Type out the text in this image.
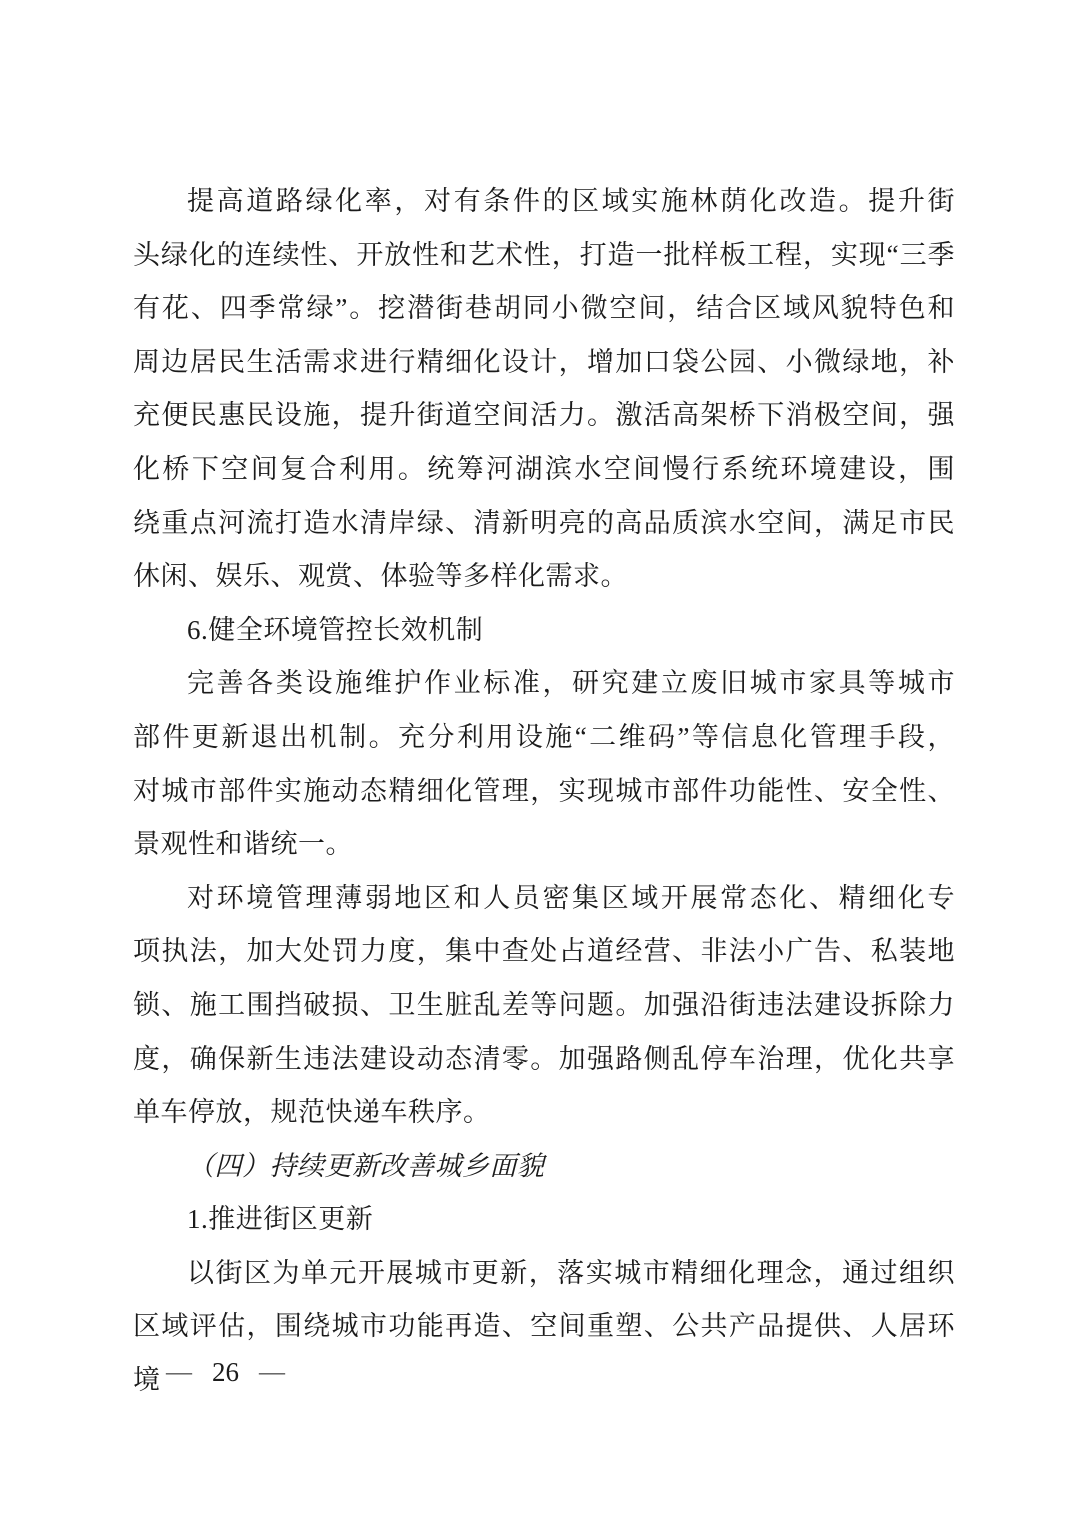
提高道路绿化率，对有条件的区域实施林荫化改造。提升街
头绿化的连续性、开放性和艺术性，打造一批样板工程，实现“三季
有花、四季常绿”。挖潜街巷胡同小微空间，结合区域风貌特色和
周边居民生活需求进行精细化设计，增加口袋公园、小微绿地，补
充便民惠民设施，提升街道空间活力。激活高架桥下消极空间，强
化桥下空间复合利用。统筹河湖滨水空间慢行系统环境建设，围
绕重点河流打造水清岸绿、清新明亮的高品质滨水空间，满足市民
休闲、娱乐、观赏、体验等多样化需求。
6.健全环境管控长效机制
完善各类设施维护作业标准，研究建立废旧城市家具等城市
部件更新退出机制。充分利用设施“二维码”等信息化管理手段，
对城市部件实施动态精细化管理，实现城市部件功能性、安全性、
景观性和谐统一。
对环境管理薄弱地区和人员密集区域开展常态化、精细化专
项执法，加大处罚力度，集中查处占道经营、非法小广告、私装地
锁、施工围挡破损、卫生脏乱差等问题。加强沿街违法建设拆除力
度，确保新生违法建设动态清零。加强路侧乱停车治理，优化共享
单车停放，规范快递车秩序。
（四）持续更新改善城乡面貌
1.推进街区更新
以街区为单元开展城市更新，落实城市精细化理念，通过组织
区域评估，围绕城市功能再造、空间重塑、公共产品提供、人居环境 — 26 —
